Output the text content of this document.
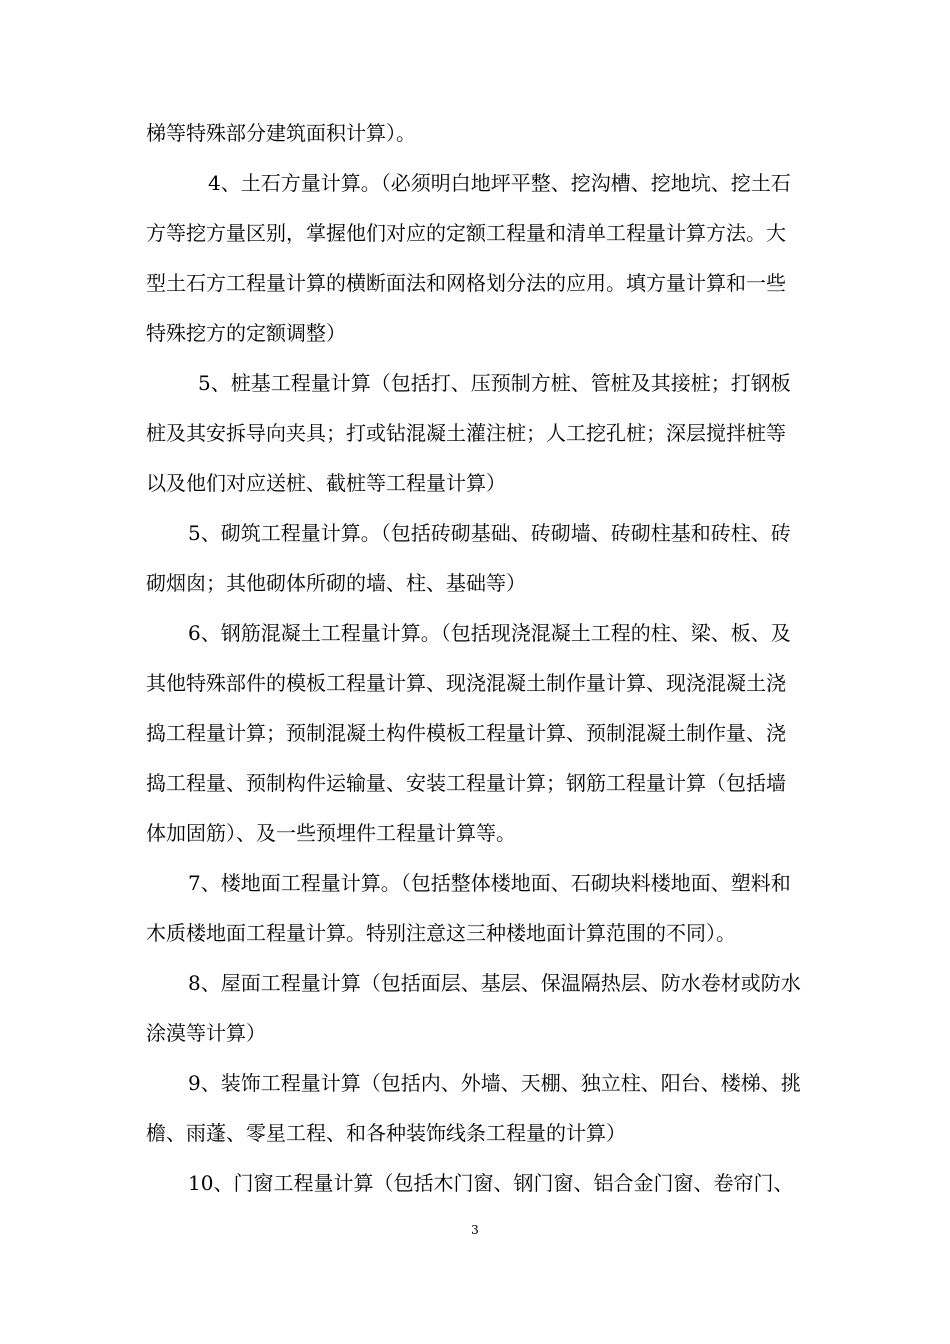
梯等特殊部分建筑面积计算）。
4、土石方量计算。（必须明白地坪平整、挖沟槽、挖地坑、挖土石
方等挖方量区别，掌握他们对应的定额工程量和清单工程量计算方法。大
型土石方工程量计算的横断面法和网格划分法的应用。填方量计算和一些
特殊挖方的定额调整）
5、桩基工程量计算（包括打、压预制方桩、管桩及其接桩；打钢板
桩及其安拆导向夹具；打或钻混凝土灌注桩；人工挖孔桩；深层搅拌桩等
以及他们对应送桩、截桩等工程量计算）
5、砌筑工程量计算。（包括砖砌基础、砖砌墙、砖砌柱基和砖柱、砖
砌烟囱；其他砌体所砌的墙、柱、基础等）
6、钢筋混凝土工程量计算。（包括现浇混凝土工程的柱、梁、板、及
其他特殊部件的模板工程量计算、现浇混凝土制作量计算、现浇混凝土浇
捣工程量计算；预制混凝土构件模板工程量计算、预制混凝土制作量、浇
捣工程量、预制构件运输量、安装工程量计算；钢筋工程量计算（包括墙
体加固筋）、及一些预埋件工程量计算等。
7、楼地面工程量计算。（包括整体楼地面、石砌块料楼地面、塑料和
木质楼地面工程量计算。特别注意这三种楼地面计算范围的不同）。
8、屋面工程量计算（包括面层、基层、保温隔热层、防水卷材或防水
涂漠等计算）
9、装饰工程量计算（包括内、外墙、天棚、独立柱、阳台、楼梯、挑
檐、雨蓬、零星工程、和各种装饰线条工程量的计算）
10、门窗工程量计算（包括木门窗、钢门窗、铝合金门窗、卷帘门、
3
